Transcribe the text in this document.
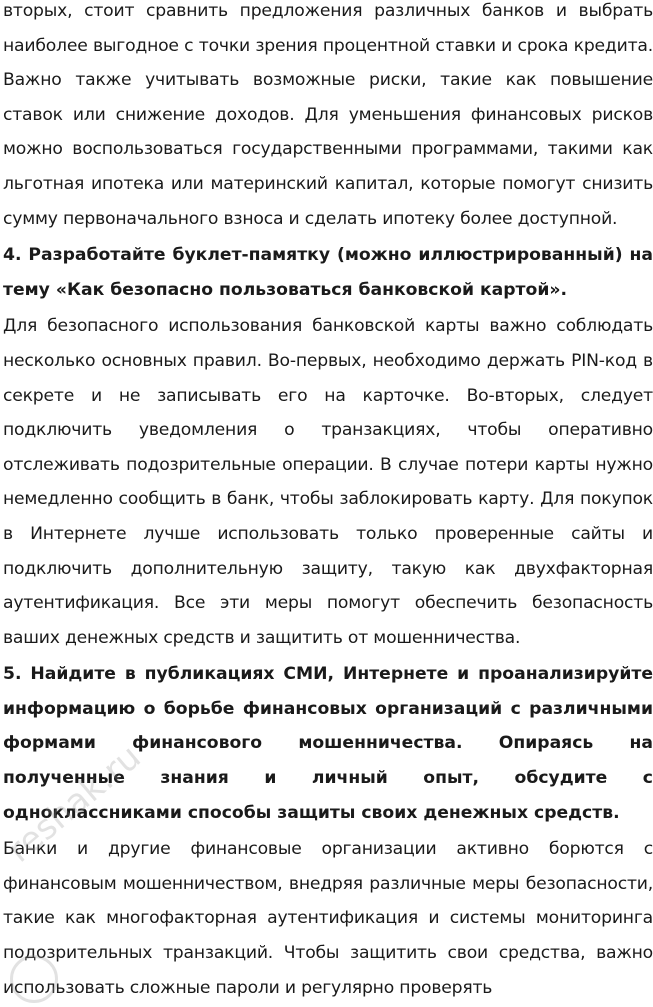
вторых, стоит сравнить предложения различных банков и выбрать наиболее выгодное с точки зрения процентной ставки и срока кредита. Важно также учитывать возможные риски, такие как повышение ставок или снижение доходов. Для уменьшения финансовых рисков можно воспользоваться государственными программами, такими как льготная ипотека или материнский капитал, которые помогут снизить сумму первоначального взноса и сделать ипотеку более доступной.

4. Разработайте буклет-памятку (можно иллюстрированный) на тему «Как безопасно пользоваться банковской картой».

Для безопасного использования банковской карты важно соблюдать несколько основных правил. Во-первых, необходимо держать PIN-код в секрете и не записывать его на карточке. Во-вторых, следует подключить уведомления о транзакциях, чтобы оперативно отслеживать подозрительные операции. В случае потери карты нужно немедленно сообщить в банк, чтобы заблокировать карту. Для покупок в Интернете лучше использовать только проверенные сайты и подключить дополнительную защиту, такую как двухфакторная аутентификация. Все эти меры помогут обеспечить безопасность ваших денежных средств и защитить от мошенничества.

5. Найдите в публикациях СМИ, Интернете и проанализируйте информацию о борьбе финансовых организаций с различными формами финансового мошенничества. Опираясь на полученные знания и личный опыт, обсудите с одноклассниками способы защиты своих денежных средств.

Банки и другие финансовые организации активно борются с финансовым мошенничеством, внедряя различные меры безопасности, такие как многофакторная аутентификация и системы мониторинга подозрительных транзакций. Чтобы защитить свои средства, важно использовать сложные пароли и регулярно проверять

reshak.ru
